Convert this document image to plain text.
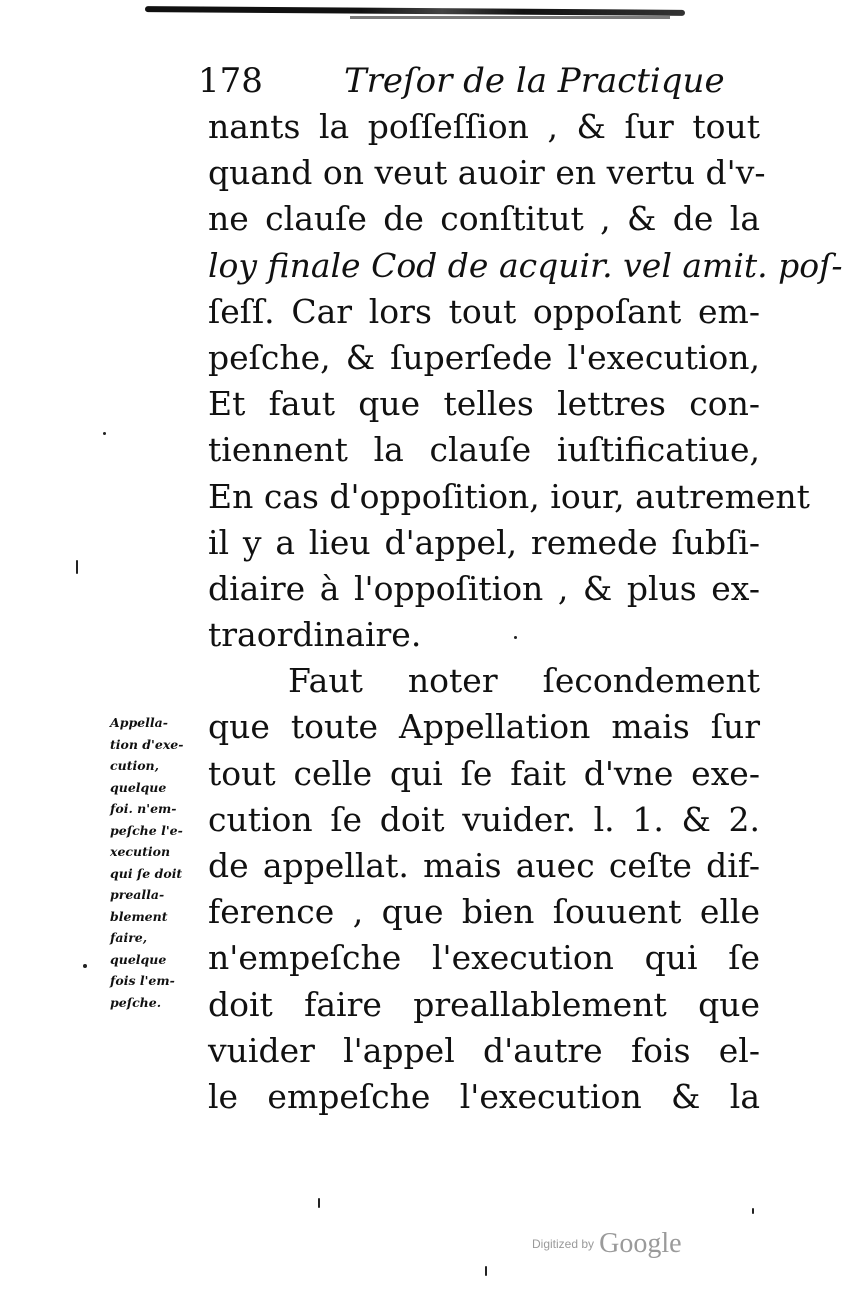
178 Treſor de la Practique
nants la poſſeſſion , & ſur tout
quand on veut auoir en vertu d'v-
ne clauſe de conſtitut , & de la
loy finale Cod de acquir. vel amit. poſ-
ſeſſ. Car lors tout oppoſant em-
peſche, & ſuperſede l'execution,
Et faut que telles lettres con-
tiennent la clauſe iuſtificatiue,
En cas d'oppoſition, iour, autrement
il y a lieu d'appel, remede ſubſi-
diaire à l'oppoſition , & plus ex-
traordinaire.
Faut noter ſecondement
que toute Appellation mais ſur
tout celle qui ſe fait d'vne exe-
cution ſe doit vuider. l. 1. & 2.
de appellat. mais auec ceſte dif-
ference , que bien ſouuent elle
n'empeſche l'execution qui ſe
doit faire preallablement que
vuider l'appel d'autre fois el-
le empeſche l'execution & la
Appella-
tion d'exe-
cution,
quelque
foi. n'em-
peſche l'e-
xecution
qui ſe doit
prealla-
blement
faire,
quelque
fois l'em-
peſche.
Digitized by Google
